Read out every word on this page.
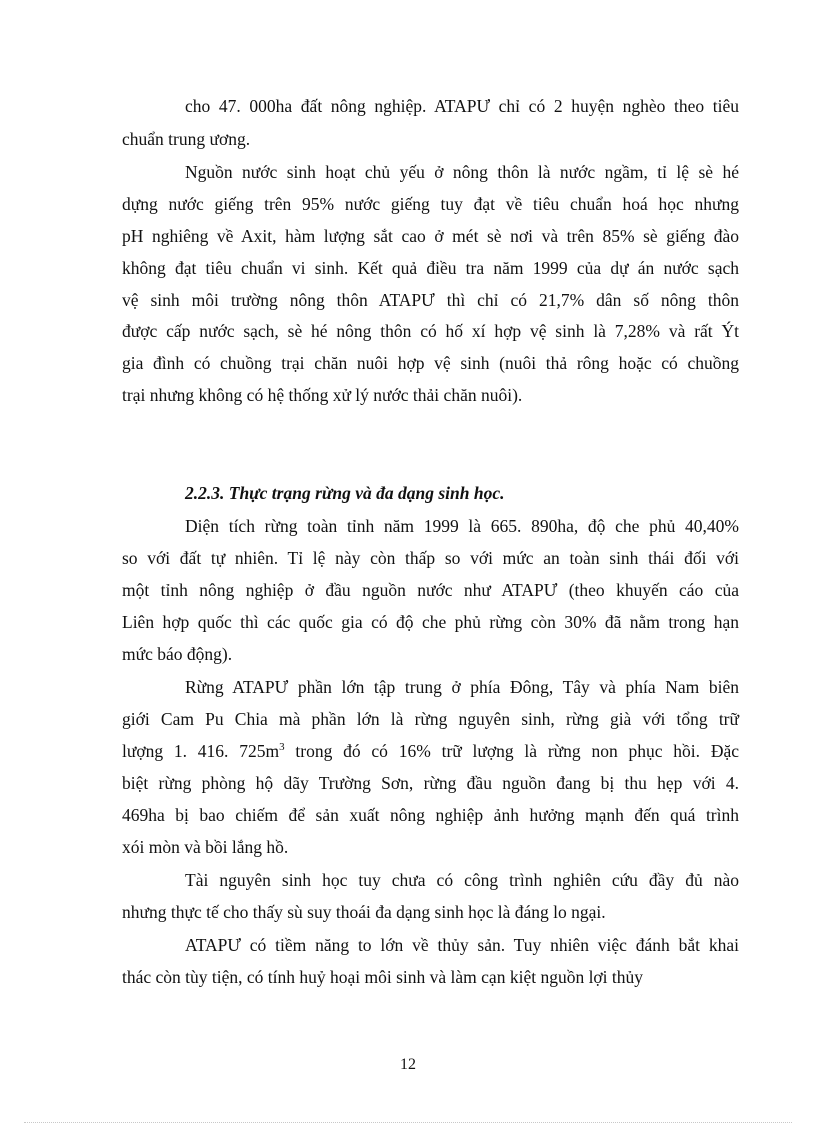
cho 47. 000ha đất nông nghiệp. ATAPƯ chỉ có 2 huyện nghèo theo tiêu
chuẩn trung ương.
Nguồn nước sinh hoạt chủ yếu ở nông thôn là nước ngầm, tỉ lệ sè hé
dựng nước giếng trên 95% nước giếng tuy đạt về tiêu chuẩn hoá học nhưng
pH nghiêng về Axit, hàm lượng sắt cao ở mét sè nơi và trên 85% sè giếng đào
không đạt tiêu chuẩn vi sinh. Kết quả điều tra năm 1999 của dự án nước sạch
vệ sinh môi trường nông thôn ATAPƯ thì chỉ có 21,7% dân số nông thôn
được cấp nước sạch, sè hé nông thôn có hố xí hợp vệ sinh là 7,28% và rất Ýt
gia đình có chuồng trại chăn nuôi hợp vệ sinh (nuôi thả rông hoặc có chuồng
trại nhưng không có hệ thống xử lý nước thải chăn nuôi).
2.2.3. Thực trạng rừng và đa dạng sinh học.
Diện tích rừng toàn tỉnh năm 1999 là 665. 890ha, độ che phủ 40,40%
so với đất tự nhiên. Tỉ lệ này còn thấp so với mức an toàn sinh thái đối với
một tỉnh nông nghiệp ở đầu nguồn nước như ATAPƯ (theo khuyến cáo của
Liên hợp quốc thì các quốc gia có độ che phủ rừng còn 30% đã nằm trong hạn
mức báo động).
Rừng ATAPƯ phần lớn tập trung ở phía Đông, Tây và phía Nam biên
giới Cam Pu Chia mà phần lớn là rừng nguyên sinh, rừng già với tổng trữ
lượng 1. 416. $725m^3$ trong đó có 16% trữ lượng là rừng non phục hồi. Đặc
biệt rừng phòng hộ dãy Trường Sơn, rừng đầu nguồn đang bị thu hẹp với 4.
469ha bị bao chiếm để sản xuất nông nghiệp ảnh hưởng mạnh đến quá trình
xói mòn và bồi lắng hồ.
Tài nguyên sinh học tuy chưa có công trình nghiên cứu đầy đủ nào
nhưng thực tế cho thấy sù suy thoái đa dạng sinh học là đáng lo ngại.
ATAPƯ có tiềm năng to lớn về thủy sản. Tuy nhiên việc đánh bắt khai
thác còn tùy tiện, có tính huỷ hoại môi sinh và làm cạn kiệt nguồn lợi thủy
12
